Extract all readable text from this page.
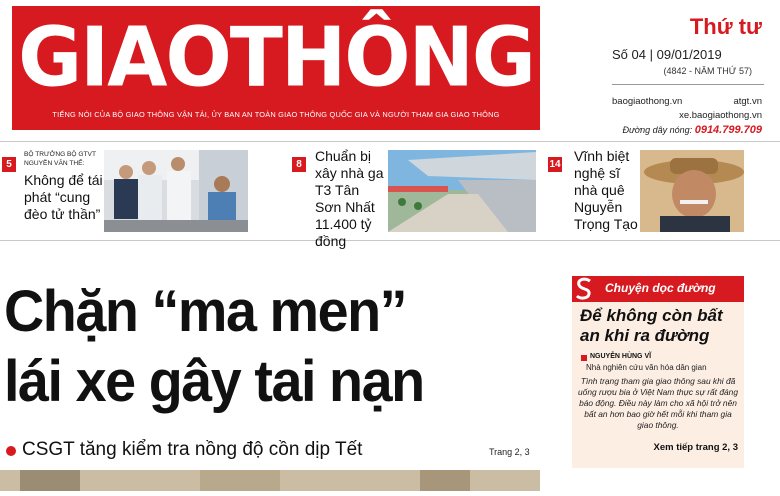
GIAOTHÔNG
TIẾNG NÓI CỦA BỘ GIAO THÔNG VẬN TẢI, ỦY BAN AN TOÀN GIAO THÔNG QUỐC GIA VÀ NGƯỜI THAM GIA GIAO THÔNG
Thứ tư
Số 04 | 09/01/2019
(4842 - NĂM THỨ 57)
baogiaothong.vn	atgt.vn
xe.baogiaothong.vn
Đường dây nóng: 0914.799.709
5
BỘ TRƯỞNG BỘ GTVT NGUYỄN VĂN THỂ:
Không để tái phát “cung đèo tử thần”
8
Chuẩn bị xây nhà ga T3 Tân Sơn Nhất 11.400 tỷ đồng
14
Vĩnh biệt nghệ sĩ nhà quê Nguyễn Trọng Tạo
Chặn “ma men”
lái xe gây tai nạn
CSGT tăng kiểm tra nồng độ cồn dịp Tết	Trang 2, 3
Chuyện dọc đường
Để không còn bất an khi ra đường
NGUYỄN HÙNG VĨ
Nhà nghiên cứu văn hóa dân gian
Tình trạng tham gia giao thông sau khi đã uống rượu bia ở Việt Nam thực sự rất đáng báo động. Điều này làm cho xã hội trở nên bất an hơn bao giờ hết mỗi khi tham gia giao thông.
Xem tiếp trang 2, 3
